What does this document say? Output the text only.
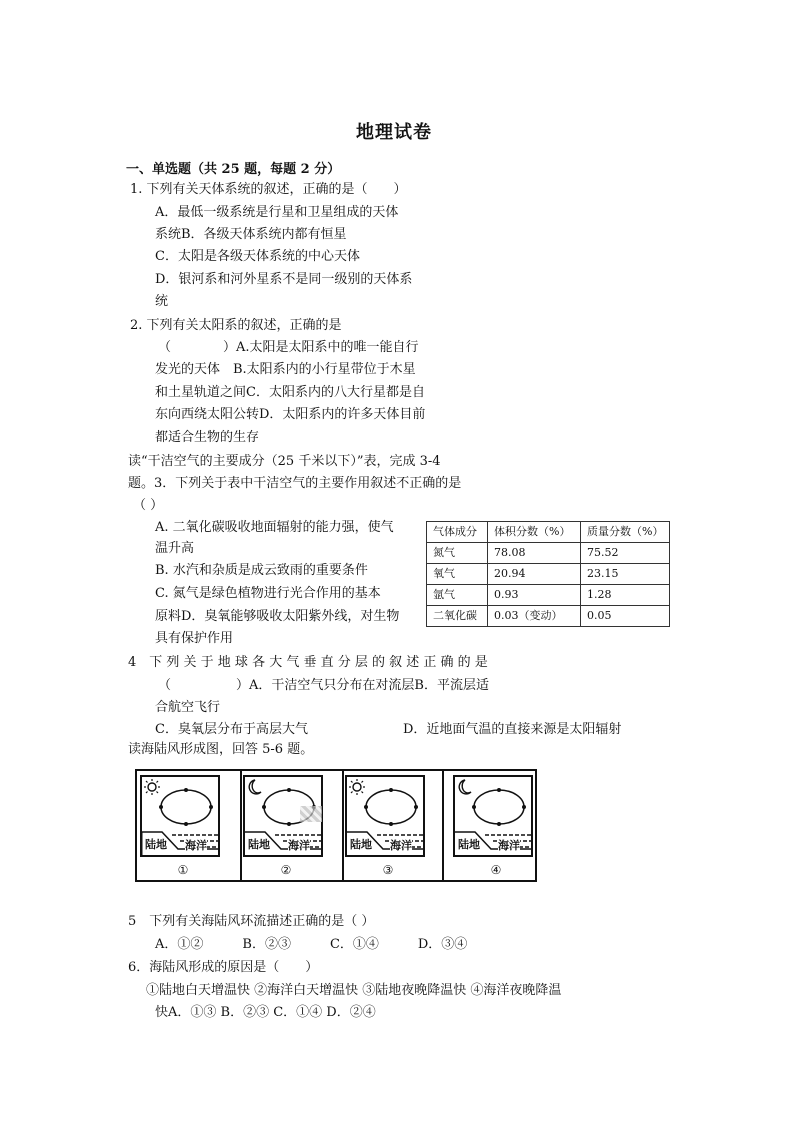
地理试卷
一、单选题（共 25 题，每题 2 分）
1. 下列有关天体系统的叙述，正确的是（　　）
A．最低一级系统是行星和卫星组成的天体
系统B．各级天体系统内都有恒星
C．太阳是各级天体系统的中心天体
D．银河系和河外星系不是同一级别的天体系
统
2. 下列有关太阳系的叙述，正确的是
（　　　　）A.太阳是太阳系中的唯一能自行
发光的天体　B.太阳系内的小行星带位于木星
和土星轨道之间C．太阳系内的八大行星都是自
东向西绕太阳公转D．太阳系内的许多天体目前
都适合生物的生存
读“干洁空气的主要成分（25 千米以下）”表，完成 3-4
题。3．下列关于表中干洁空气的主要作用叙述不正确的是
（ ）
A. 二氧化碳吸收地面辐射的能力强，使气
温升高
B. 水汽和杂质是成云致雨的重要条件
C. 氮气是绿色植物进行光合作用的基本
原料D．臭氧能够吸收太阳紫外线，对生物
具有保护作用
气体成分	体积分数（%）	质量分数（%）
氮气	78.08	75.52
氧气	20.94	23.15
氩气	0.93	1.28
二氧化碳	0.03（变动）	0.05
4　下 列 关 于 地 球 各 大 气 垂 直 分 层 的 叙 述 正 确 的 是
（　　　　　）A．干洁空气只分布在对流层B．平流层适
合航空飞行
C．臭氧层分布于高层大气	D．近地面气温的直接来源是太阳辐射
读海陆风形成图，回答 5-6 题。
陆地 海洋
①
陆地 海洋
②
陆地 海洋
③
陆地 海洋
④
5　下列有关海陆风环流描述正确的是（ ）
A．①②　　　B．②③　　　C．①④　　　D．③④
6．海陆风形成的原因是（　　）
①陆地白天增温快 ②海洋白天增温快 ③陆地夜晚降温快 ④海洋夜晚降温
快A．①③ B．②③ C．①④ D．②④
